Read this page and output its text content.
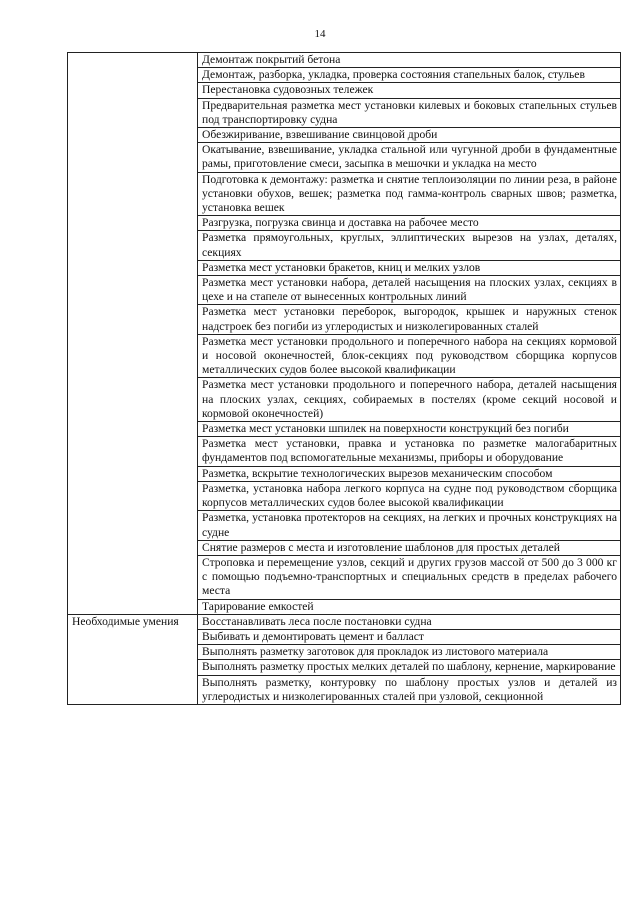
14

	Демонтаж покрытий бетона

	Демонтаж, разборка, укладка, проверка состояния стапельных балок, стульев

	Перестановка судовозных тележек

	Предварительная разметка мест установки килевых и боковых стапельных стульев под транспортировку судна

	Обезжиривание, взвешивание свинцовой дроби

	Окатывание, взвешивание, укладка стальной или чугунной дроби в фундаментные рамы, приготовление смеси, засыпка в мешочки и укладка на место

	Подготовка к демонтажу: разметка и снятие теплоизоляции по линии реза, в районе установки обухов, вешек; разметка под гамма-контроль сварных швов; разметка, установка вешек

	Разгрузка, погрузка свинца и доставка на рабочее место

	Разметка прямоугольных, круглых, эллиптических вырезов на узлах, деталях, секциях

	Разметка мест установки бракетов, книц и мелких узлов

	Разметка мест установки набора, деталей насыщения на плоских узлах, секциях в цехе и на стапеле от вынесенных контрольных линий

	Разметка мест установки переборок, выгородок, крышек и наружных стенок надстроек без погиби из углеродистых и низколегированных сталей

	Разметка мест установки продольного и поперечного набора на секциях кормовой и носовой оконечностей, блок-секциях под руководством сборщика корпусов металлических судов более высокой квалификации

	Разметка мест установки продольного и поперечного набора, деталей насыщения на плоских узлах, секциях, собираемых в постелях (кроме секций носовой и кормовой оконечностей)

	Разметка мест установки шпилек на поверхности конструкций без погиби

	Разметка мест установки, правка и установка по разметке малогабаритных фундаментов под вспомогательные механизмы, приборы и оборудование

	Разметка, вскрытие технологических вырезов механическим способом

	Разметка, установка набора легкого корпуса на судне под руководством сборщика корпусов металлических судов более высокой квалификации

	Разметка, установка протекторов на секциях, на легких и прочных конструкциях на судне

	Снятие размеров с места и изготовление шаблонов для простых деталей

	Строповка и перемещение узлов, секций и других грузов массой от 500 до 3 000 кг с помощью подъемно-транспортных и специальных средств в пределах рабочего места

	Тарирование емкостей

Необходимые умения	Восстанавливать леса после постановки судна

	Выбивать и демонтировать цемент и балласт

	Выполнять разметку заготовок для прокладок из листового материала

	Выполнять разметку простых мелких деталей по шаблону, кернение, маркирование

	Выполнять разметку, контуровку по шаблону простых узлов и деталей из углеродистых и низколегированных сталей при узловой, секционной
